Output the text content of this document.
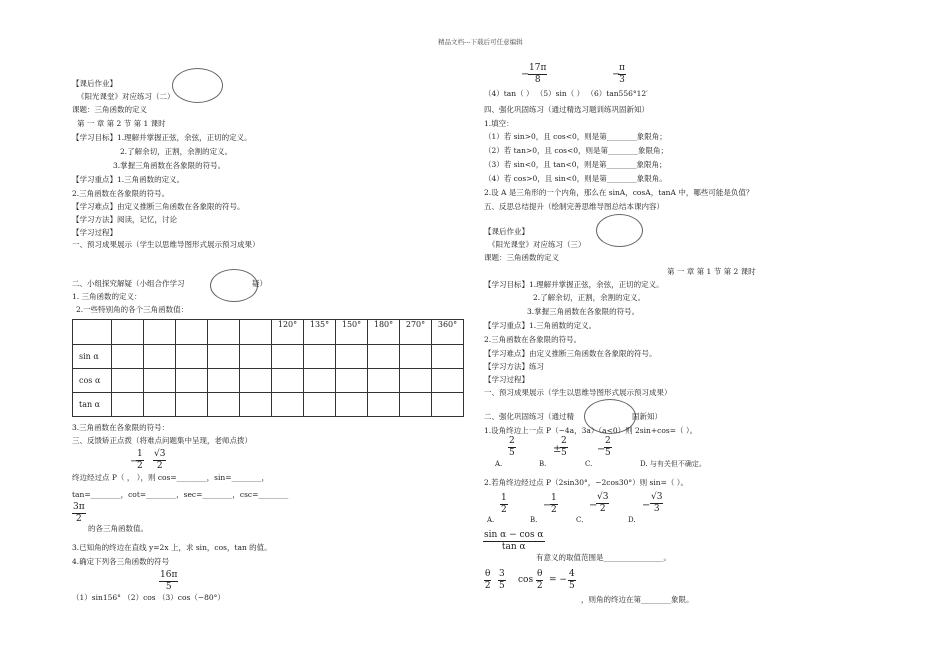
精品文档---下载后可任意编辑
【课后作业】
《阳光课堂》对应练习（二）
课题：三角函数的定义
第 一 章 第 2 节 第 1 课时
【学习目标】1.理解并掌握正弦，余弦，正切的定义。
2.了解余切，正割，余割的定义。
3.掌握三角函数在各象限的符号。
【学习重点】1.三角函数的定义。
2.三角函数在各象限的符号。
【学习难点】由定义推断三角函数在各象限的符号。
【学习方法】阅读，记忆，讨论
【学习过程】
一、预习成果展示（学生以思维导图形式展示预习成果）
二、小组探究解疑（小组合作学习	疑）
1. 三角函数的定义：
2.一些特别角的各个三角函数值：
						120°	135°	150°	180°	270°	360°
sin α											
cos α											
tan α											
3.三角函数在各象限的符号：
三、反馈矫正点拨（将难点问题集中呈现，老师点拨）
−
$\frac{1}{2} \frac{√3}{2}$
终边经过点 P（ ， ），则 cos=________，sin=________，
tan=________，cot=________，sec=________，csc=________
$\frac{3\pi}{2}$
的各三角函数值。
3.已知角的终边在直线 y=2x 上，求 sin，cos，tan 的值。
4.确定下列各三角函数的符号
$\frac{16\pi}{5}$
（1）sin156° （2）cos （3）cos（−80°）
−
$\frac{17\pi}{8}$	−
$\frac{\pi}{3}$
（4）tan（ ） （5）sin（ ） （6）tan556°12′
四、强化巩固练习（通过精选习题训练巩固新知）
1.填空：
（1）若 sin>0，且 cos<0，则是第________象限角；
（2）若 tan>0，且 cos<0，则是第________象限角；
（3）若 sin<0，且 tan<0，则是第________象限角；
（4）若 cos>0，且 sin<0，则是第________象限角。
2.设 A 是三角形的一个内角，那么在 sinA，cosA，tanA 中，哪些可能是负值？
五、反思总结提升（绘制完善思维导图总结本课内容）
【课后作业】
《阳光课堂》对应练习（三）
课题：三角函数的定义
第 一 章 第 1 节 第 2 课时
【学习目标】1.理解并掌握正弦，余弦，正切的定义。
2.了解余切，正割，余割的定义。
3.掌握三角函数在各象限的符号。
【学习重点】1.三角函数的定义。
2.三角函数在各象限的符号。
【学习难点】由定义推断三角函数在各象限的符号。
【学习方法】练习
【学习过程】
一、预习成果展示（学生以思维导图形式展示预习成果）
二、强化巩固练习（通过精	固新知）
1.设角终边上一点 P（−4a，3a）（a<0）则 2sin+cos=（ ）。
$\frac{2}{5}$	±
$\frac{2}{5}$	−
$\frac{2}{5}$
A.	B.	C.	D. 与有关但不确定。
2.若角终边经过点 P（2sin30°，−2cos30°）则 sin=（ ）。
$\frac{1}{2}$	−
$\frac{1}{2}$	−
$\frac{√3}{2}$	− $\frac{√3}{3}$
A.	B.	C.	D.
$\frac{\text{sin α − cos α}}{\text{tan α}}$
有意义的取值范围是________________。
$\frac{\theta}{2} \frac{3}{5}$ $\cos \frac{\theta}{2}$ = − $\frac{4}{5}$
，则角的终边在第________象限。
